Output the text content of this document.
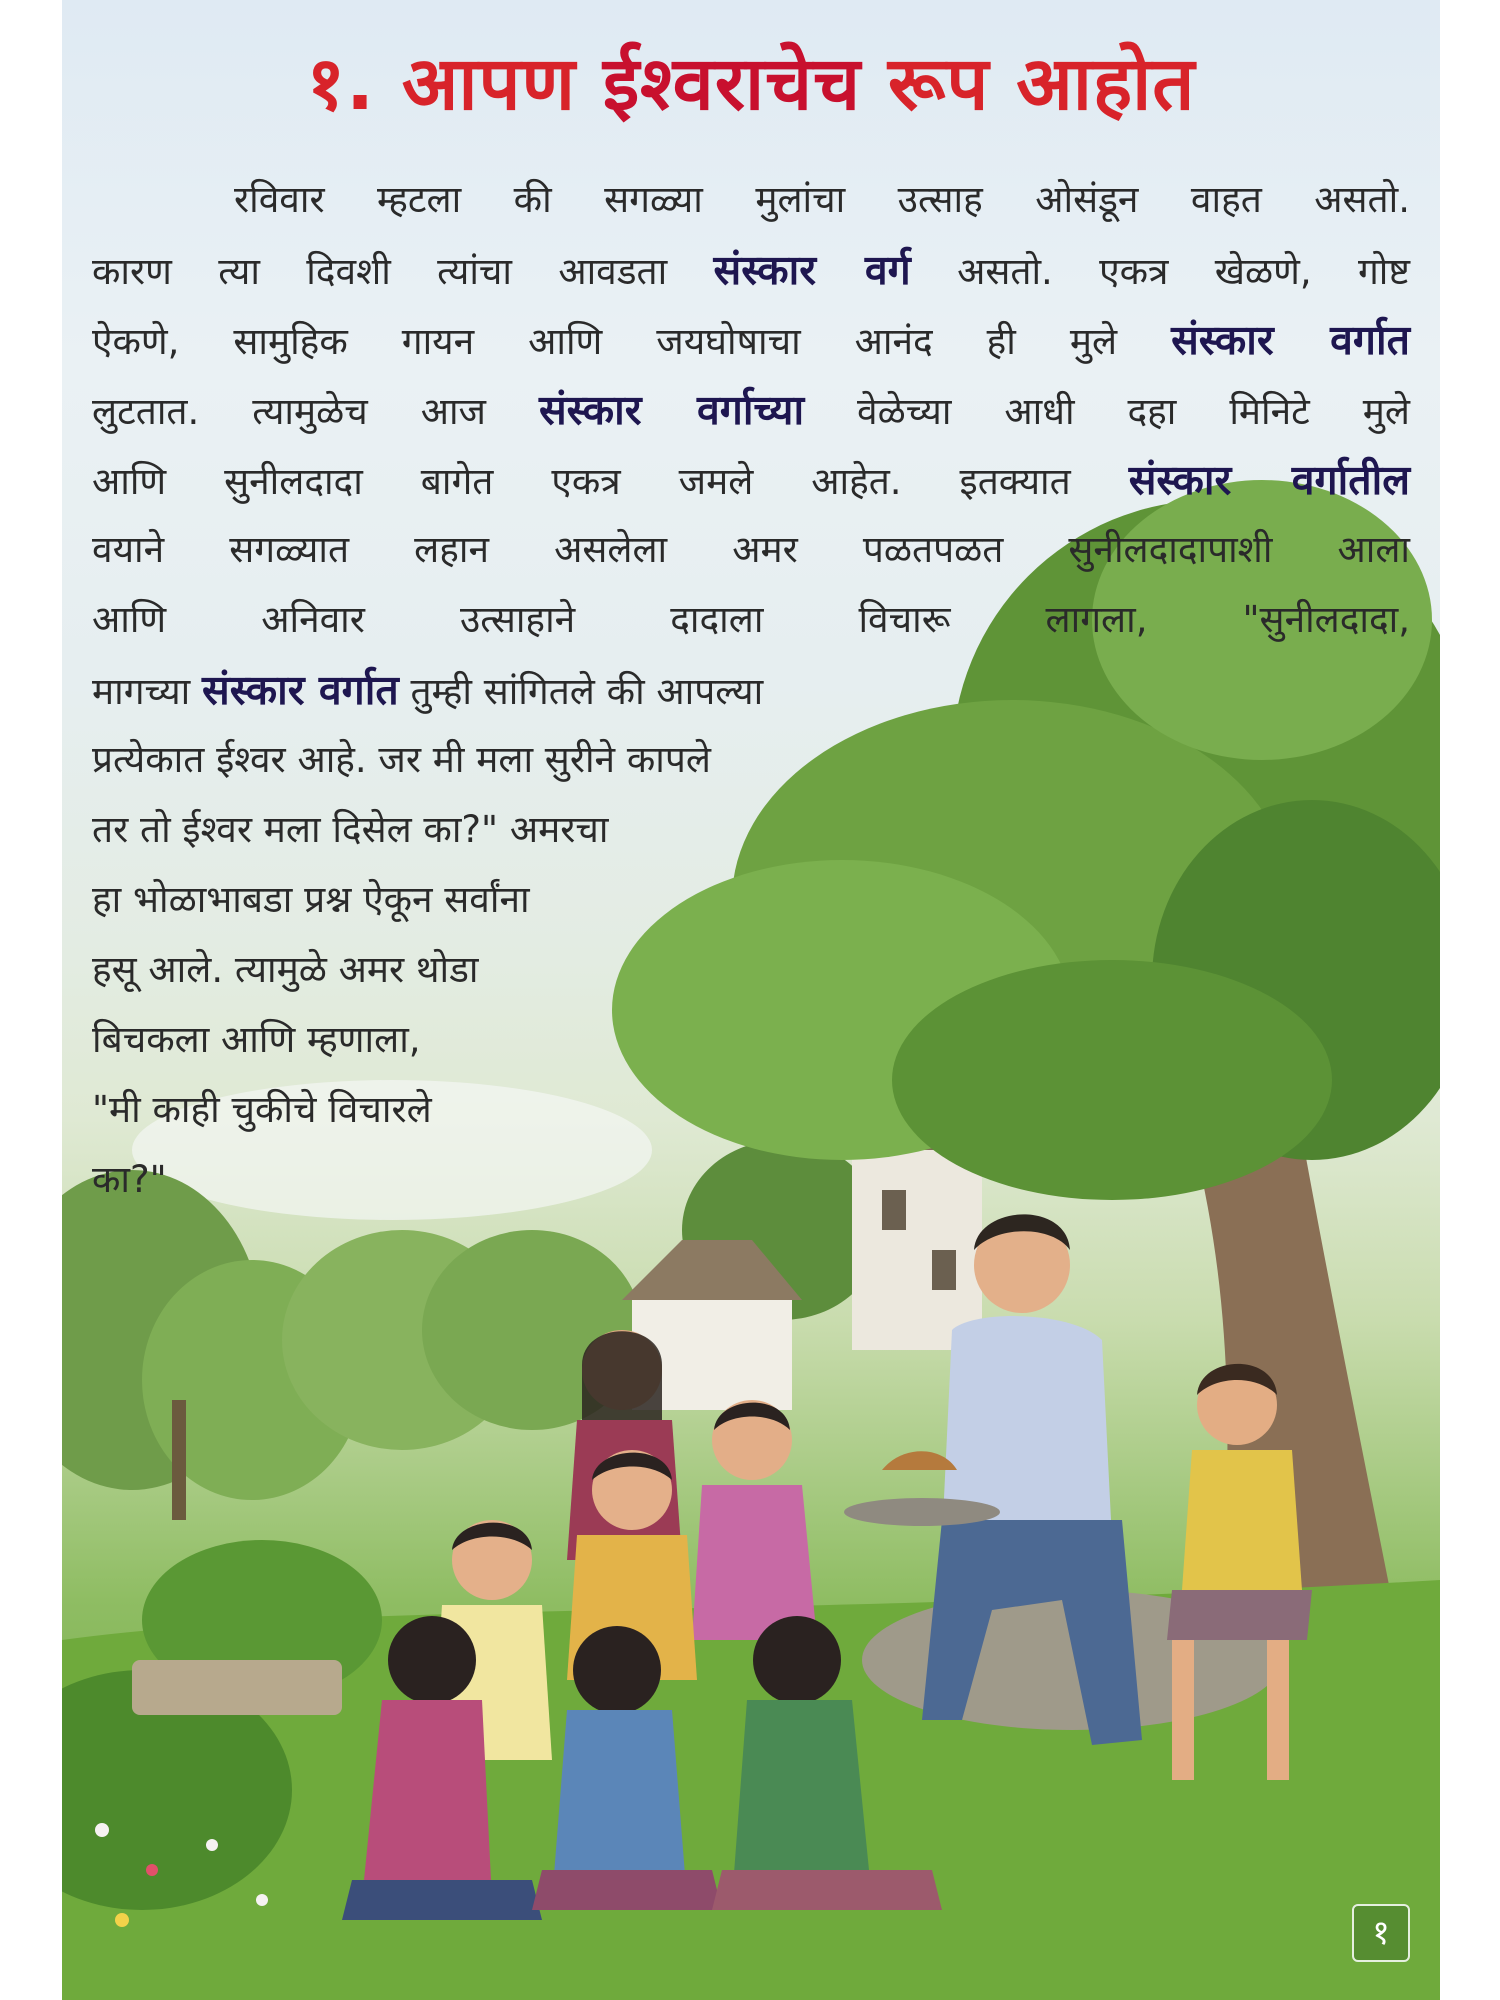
१. आपण ईश्वराचेच रूप आहोत
रविवार म्हटला की सगळ्या मुलांचा उत्साह ओसंडून वाहत असतो.
कारण त्या दिवशी त्यांचा आवडता संस्कार वर्ग असतो. एकत्र खेळणे, गोष्ट
ऐकणे, सामुहिक गायन आणि जयघोषाचा आनंद ही मुले संस्कार वर्गात
लुटतात. त्यामुळेच आज संस्कार वर्गाच्या वेळेच्या आधी दहा मिनिटे मुले
आणि सुनीलदादा बागेत एकत्र जमले आहेत. इतक्यात संस्कार वर्गातील
वयाने सगळ्यात लहान असलेला अमर पळतपळत सुनीलदादापाशी आला
आणि अनिवार उत्साहाने दादाला विचारू लागला, "सुनीलदादा,
मागच्या संस्कार वर्गात तुम्ही सांगितले की आपल्या
प्रत्येकात ईश्वर आहे. जर मी मला सुरीने कापले
तर तो ईश्वर मला दिसेल का?" अमरचा
हा भोळाभाबडा प्रश्न ऐकून सर्वांना
हसू आले. त्यामुळे अमर थोडा
बिचकला आणि म्हणाला,
"मी काही चुकीचे विचारले
का?"
१
